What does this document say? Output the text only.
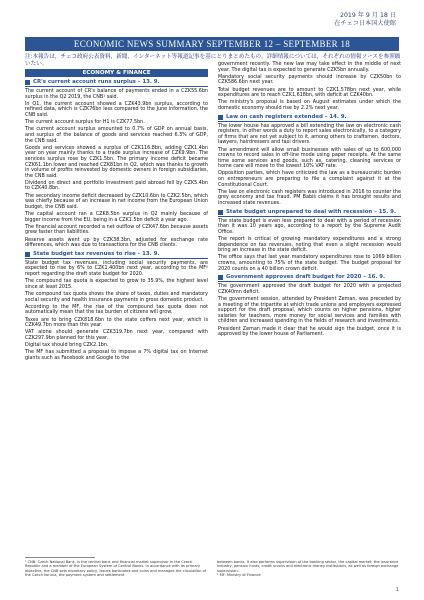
2019 年 9 月 18 日
在チェコ日本国大使館
ECONOMIC NEWS SUMMARY SEPTEMBER 12 – SEPTEMBER 18
注:本報告は，チェコ政府公表資料，新聞，インターネット等報道記事を基にとりまとめたもの。詳細情報については，それぞれの情報ソースを参照願いたい。
ECONOMY & FINANCE
CR's current account runs surplus – 13. 9.

The current account of CR's balance of payments ended in a CZK55.6bn surplus in the Q2 2019, the CNB¹ said.

In Q1, the current account showed a CZK43.9bn surplus, according to refined data, which is CZK76bn less compared to the June information, the CNB said.

The current account surplus for H1 is CZK77.5bn.

The current account surplus amounted to 0.7% of GDP on annual basis, and surplus of the balance of goods and services reached 6.3% of GDP, the CNB said.

Goods and services showed a surplus of CZK116.8bn, adding CZK1.4bn year on year mainly thanks to a trade surplus increase of CZK9.9bn. The services surplus rose by CZK1.5bn. The primary income deficit became CZK61.1bn lower and reached CZK81bn in Q2, which was thanks to growth in volume of profits reinvested by domestic owners in foreign subsidiaries, the CNB said.

Dividend on direct and portfolio investment paid abroad fell by CZK5.4bn to CZK40.8bn.

The secondary income deficit decreased by CZK10.6bn to CZK2.5bn, which was chiefly because of an increase in net income from the European Union budget, the CNB said.

The capital account ran a CZK8.5bn surplus in Q2 mainly because of bigger income from the EU, being in a CZK1.5bn deficit a year ago.

The financial account recorded a net outflow of CZK47.6bn because assets grew faster than liabilities.

Reserve assets went up by CZK38.3bn, adjusted for exchange rate differences, which was due to transactions for the CNB clients.

State budget tax revenues to rise – 13. 9.

State budget tax revenues, including social security payments, are expected to rise by 6% to CZK1.400bn next year, according to the MF² report regarding the draft state budget for 2020.

The compound tax quota is expected to grow to 35.9%, the highest level since at least 2015.

The compound tax quota shows the share of taxes, duties and mandatory social security and health insurance payments in gross domestic product.

According to the MF, the rise of the compound tax quota does not automatically mean that the tax burden of citizens will grow.

Taxes are to bring CZK818.6bn to the state coffers next year, which is CZK49.7bn more than this year.

VAT alone should generate CZK319.7bn next year, compared with CZK297.9bn planned for this year.

Digital tax should bring CZK2.1bn.

The MF has submitted a proposal to impose a 7% digital tax on Internet giants such as Facebook and Google to the

government recently. The new law may take effect in the middle of next year. The digital tax is expected to generate CZK5bn annually.

Mandatory social security payments should increase by CZK50bn to CZK586.6bn next year.

Total budget revenues are to amount to CZK1,578bn next year, while expenditures are to reach CZK1,618bn, with deficit at CZK40bn.

The ministry's proposal is based on August estimates under which the domestic economy should rise by 2.2% next year.

Law on cash registers extended – 14. 9.

The lower house has approved a bill extending the law on electronic cash registers, in other words a duty to report sales electronically, to a category of firms that are not yet subject to it, among others to craftsmen, doctors, lawyers, hairdressers and taxi drivers.

The amendment will allow small businesses with sales of up to 600,000 crowns to record sales in off-line mode using paper receipts. At the same time some services and goods, such as, catering, cleaning services or home care will move to the lowest 10% VAT rate.

Opposition parties, which have criticized the law as a bureaucratic burden on entrepreneurs are preparing to file a complaint against it at the Constitutional Court.

The law on electronic cash registers was introduced in 2016 to counter the grey economy and tax fraud. PM Babiš claims it has brought results and increased state revenues.

State budget unprepared to deal with recession – 15. 9.

The state budget is even less prepared to deal with a period of recession than it was 10 years ago, according to a report by the Supreme Audit Office.

The report is critical of growing mandatory expenditures and a strong dependence on tax revenues, noting that even a slight recession would bring an increase in the state deficit.

The office says that last year mandatory expenditures rose to 1069 billion crowns, amounting to 75% of the state budget. The budget proposal for 2020 counts on a 40 billion crown deficit.

Government approves draft budget for 2020 – 16. 9.

The government approved the draft budget for 2020 with a projected CZK40mn deficit.

The government session, attended by President Zeman, was preceded by a meeting of the tripartite at which trade unions and employers expressed support for the draft proposal, which counts on higher pensions, higher salaries for teachers, more money for social services and families with children and increased spending in the fields of research and investments.

President Zeman made it clear that he would sign the budget, once it is approved by the lower house of Parliament.

¹ CNB: Czech National Bank, is the central bank and financial market supervisor in the Czech Republic and a member of the European System of Central Banks. In accordance with its primary objective, the CNB sets monetary policy, issues banknotes and coins and manages the circulation of the Czech koruna, the payment system and settlement
between banks. It also performs supervision of the banking sector, the capital market, the insurance industry, pension funds, credit unions and electronic money institutions, as well as foreign exchange supervision.
² MF: Ministry of Finance
1
